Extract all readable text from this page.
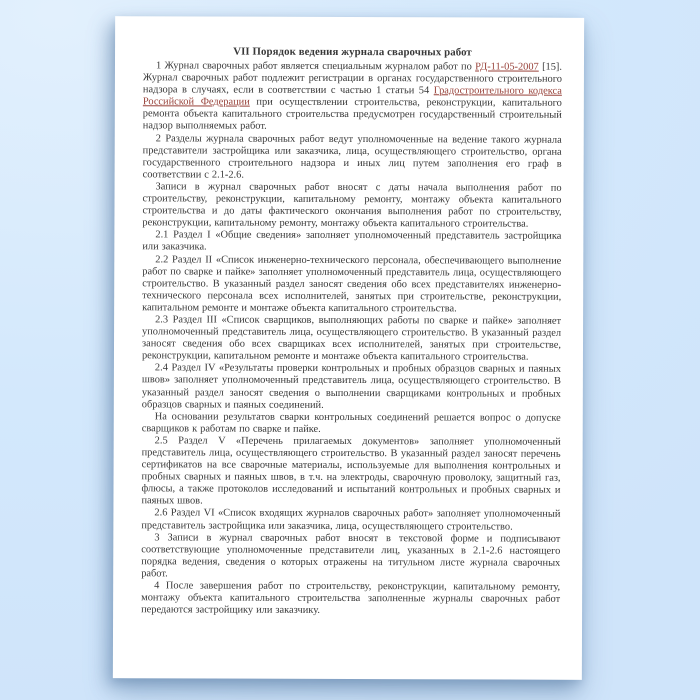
VII Порядок ведения журнала сварочных работ

1 Журнал сварочных работ является специальным журналом работ по РД-11-05-2007 [15]. Журнал сварочных работ подлежит регистрации в органах государственного строительного надзора в случаях, если в соответствии с частью 1 статьи 54 Градостроительного кодекса Российской Федерации при осуществлении строительства, реконструкции, капитального ремонта объекта капитального строительства предусмотрен государственный строительный надзор выполняемых работ.

2 Разделы журнала сварочных работ ведут уполномоченные на ведение такого журнала представители застройщика или заказчика, лица, осуществляющего строительство, органа государственного строительного надзора и иных лиц путем заполнения его граф в соответствии с 2.1-2.6.

Записи в журнал сварочных работ вносят с даты начала выполнения работ по строительству, реконструкции, капитальному ремонту, монтажу объекта капитального строительства и до даты фактического окончания выполнения работ по строительству, реконструкции, капитальному ремонту, монтажу объекта капитального строительства.

2.1 Раздел I «Общие сведения» заполняет уполномоченный представитель застройщика или заказчика.

2.2 Раздел II «Список инженерно-технического персонала, обеспечивающего выполнение работ по сварке и пайке» заполняет уполномоченный представитель лица, осуществляющего строительство. В указанный раздел заносят сведения обо всех представителях инженерно-технического персонала всех исполнителей, занятых при строительстве, реконструкции, капитальном ремонте и монтаже объекта капитального строительства.

2.3 Раздел III «Список сварщиков, выполняющих работы по сварке и пайке» заполняет уполномоченный представитель лица, осуществляющего строительство. В указанный раздел заносят сведения обо всех сварщиках всех исполнителей, занятых при строительстве, реконструкции, капитальном ремонте и монтаже объекта капитального строительства.

2.4 Раздел IV «Результаты проверки контрольных и пробных образцов сварных и паяных швов» заполняет уполномоченный представитель лица, осуществляющего строительство. В указанный раздел заносят сведения о выполнении сварщиками контрольных и пробных образцов сварных и паяных соединений.

На основании результатов сварки контрольных соединений решается вопрос о допуске сварщиков к работам по сварке и пайке.

2.5 Раздел V «Перечень прилагаемых документов» заполняет уполномоченный представитель лица, осуществляющего строительство. В указанный раздел заносят перечень сертификатов на все сварочные материалы, используемые для выполнения контрольных и пробных сварных и паяных швов, в т.ч. на электроды, сварочную проволоку, защитный газ, флюсы, а также протоколов исследований и испытаний контрольных и пробных сварных и паяных швов.

2.6 Раздел VI «Список входящих журналов сварочных работ» заполняет уполномоченный представитель застройщика или заказчика, лица, осуществляющего строительство.

3 Записи в журнал сварочных работ вносят в текстовой форме и подписывают соответствующие уполномоченные представители лиц, указанных в 2.1-2.6 настоящего порядка ведения, сведения о которых отражены на титульном листе журнала сварочных работ.

4 После завершения работ по строительству, реконструкции, капитальному ремонту, монтажу объекта капитального строительства заполненные журналы сварочных работ передаются застройщику или заказчику.
